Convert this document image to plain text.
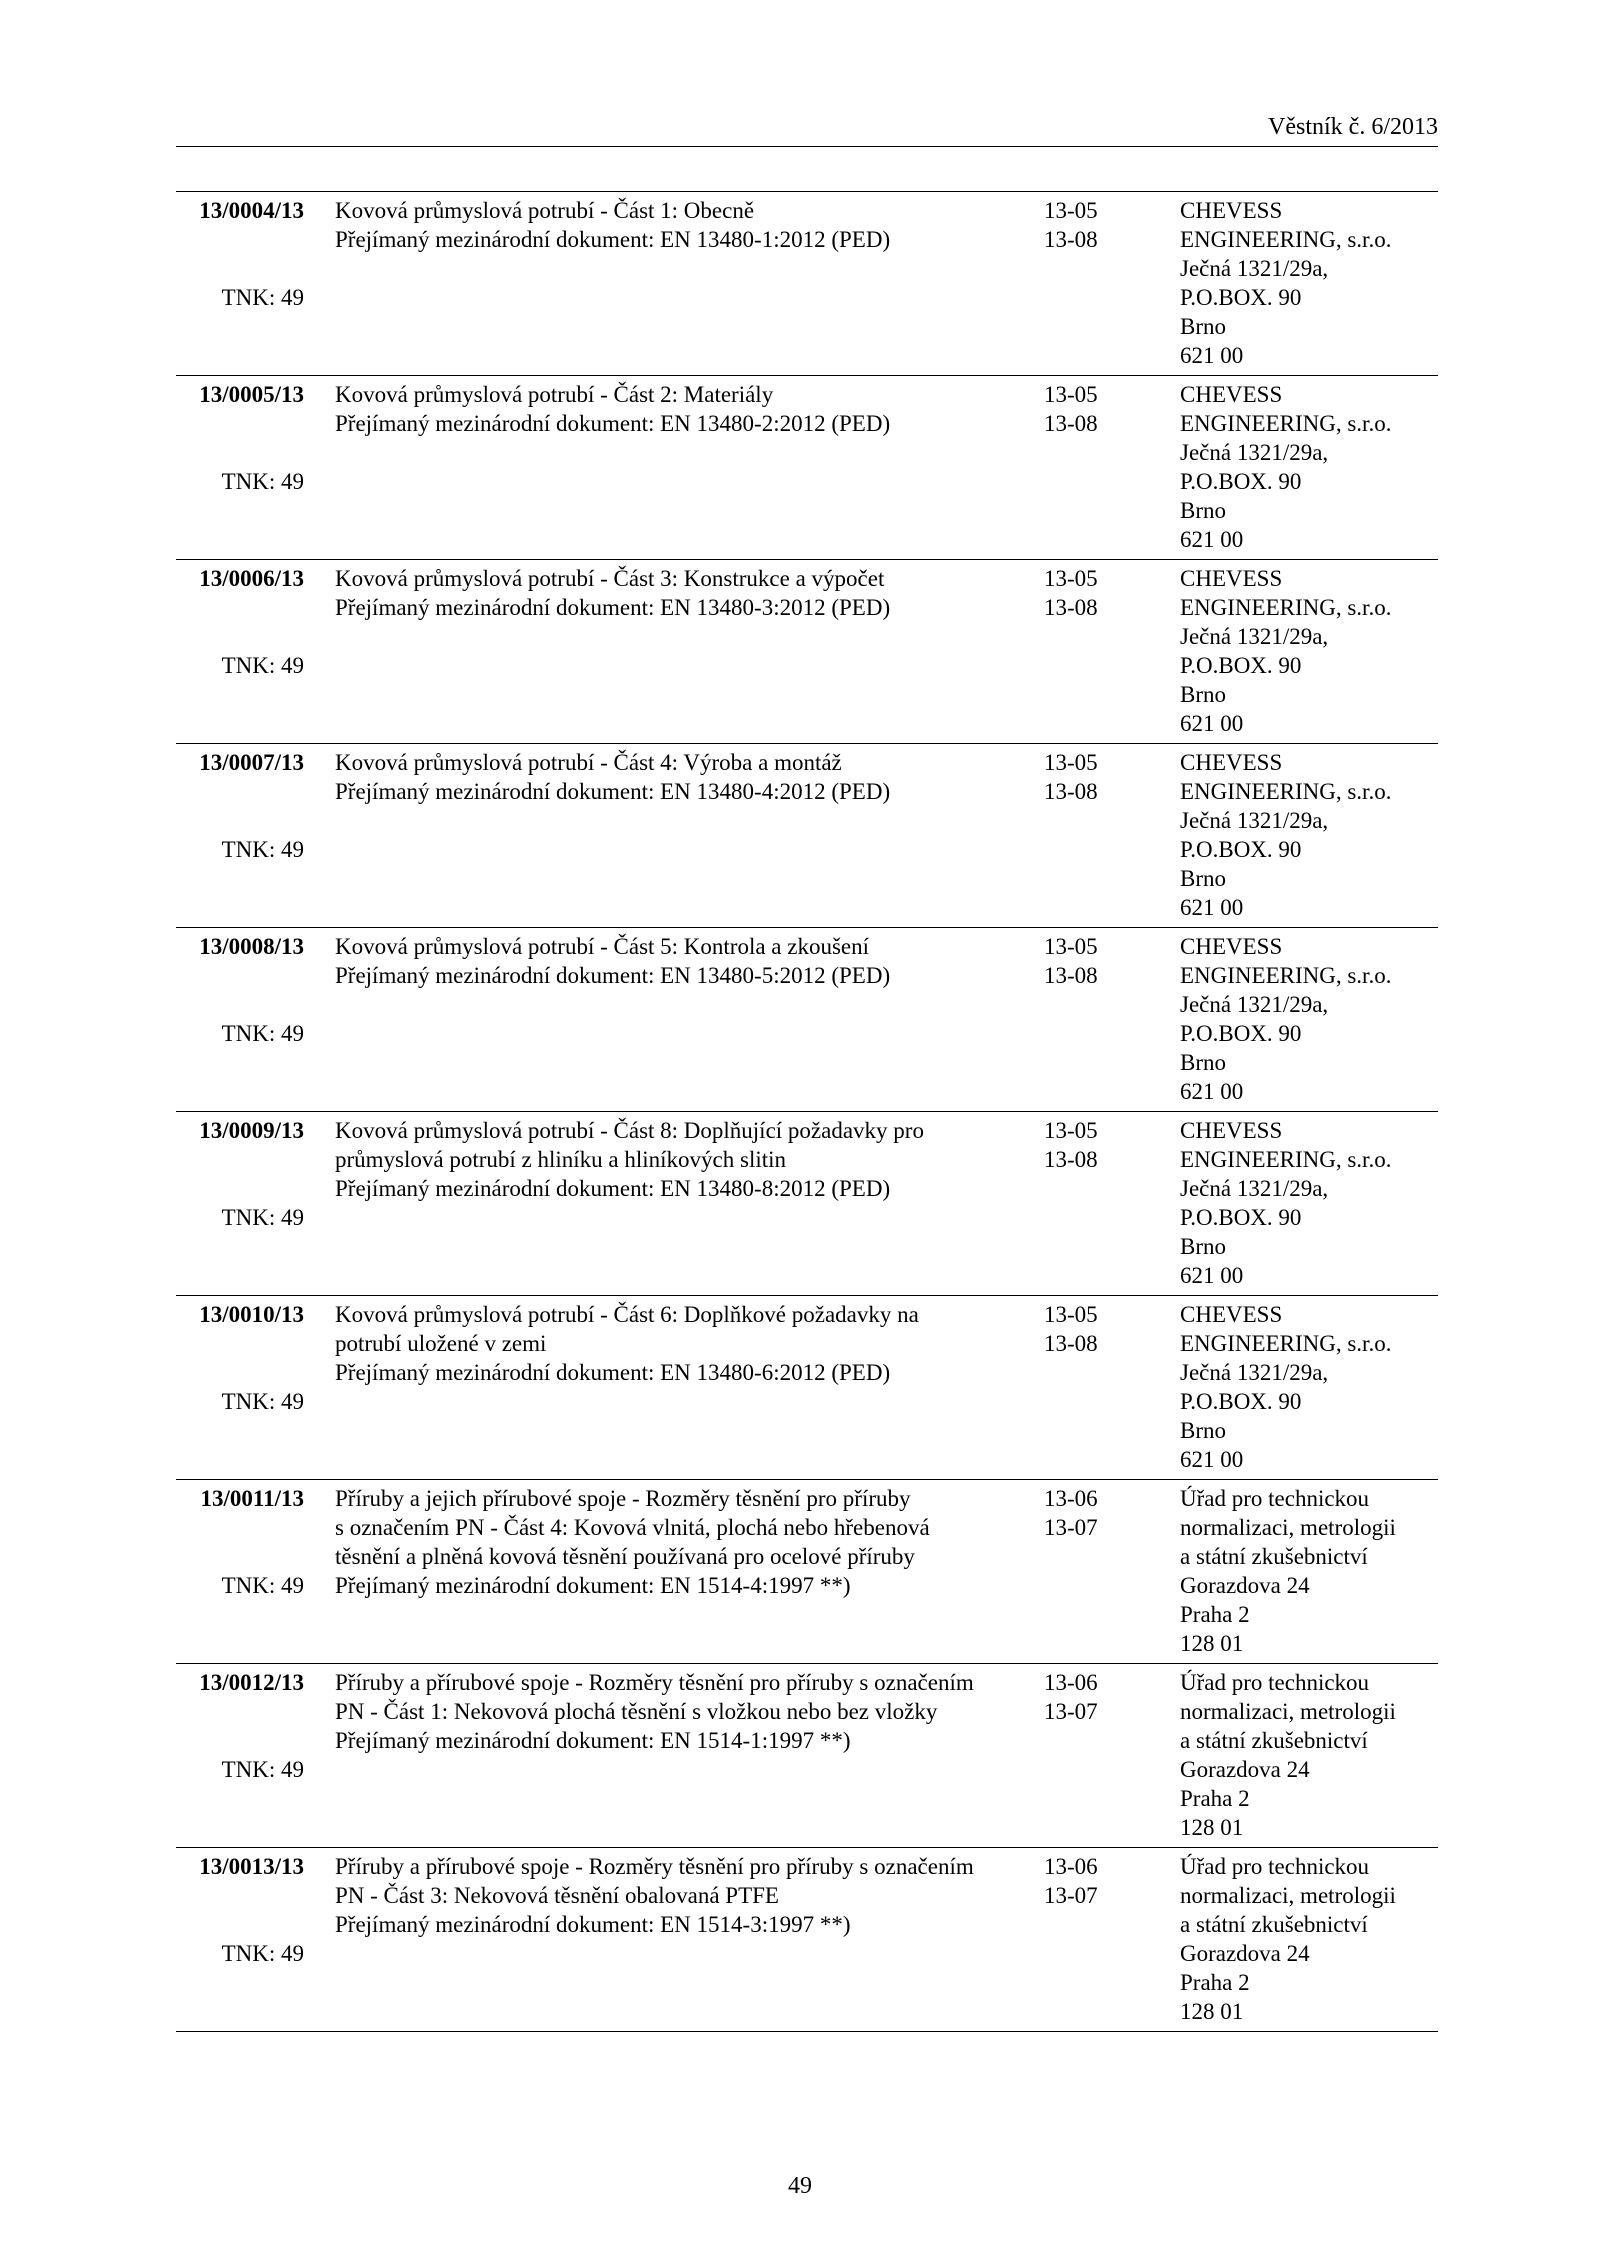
Věstník č. 6/2013
13/0004/13
TNK: 49
Kovová průmyslová potrubí - Část 1: Obecně
Přejímaný mezinárodní dokument: EN 13480-1:2012 (PED)
13-05
13-08
CHEVESS
ENGINEERING, s.r.o.
Ječná 1321/29a,
P.O.BOX. 90
Brno
621 00
13/0005/13
TNK: 49
Kovová průmyslová potrubí - Část 2: Materiály
Přejímaný mezinárodní dokument: EN 13480-2:2012 (PED)
13-05
13-08
CHEVESS
ENGINEERING, s.r.o.
Ječná 1321/29a,
P.O.BOX. 90
Brno
621 00
13/0006/13
TNK: 49
Kovová průmyslová potrubí - Část 3: Konstrukce a výpočet
Přejímaný mezinárodní dokument: EN 13480-3:2012 (PED)
13-05
13-08
CHEVESS
ENGINEERING, s.r.o.
Ječná 1321/29a,
P.O.BOX. 90
Brno
621 00
13/0007/13
TNK: 49
Kovová průmyslová potrubí - Část 4: Výroba a montáž
Přejímaný mezinárodní dokument: EN 13480-4:2012 (PED)
13-05
13-08
CHEVESS
ENGINEERING, s.r.o.
Ječná 1321/29a,
P.O.BOX. 90
Brno
621 00
13/0008/13
TNK: 49
Kovová průmyslová potrubí - Část 5: Kontrola a zkoušení
Přejímaný mezinárodní dokument: EN 13480-5:2012 (PED)
13-05
13-08
CHEVESS
ENGINEERING, s.r.o.
Ječná 1321/29a,
P.O.BOX. 90
Brno
621 00
13/0009/13
TNK: 49
Kovová průmyslová potrubí - Část 8: Doplňující požadavky pro
průmyslová potrubí z hliníku a hliníkových slitin
Přejímaný mezinárodní dokument: EN 13480-8:2012 (PED)
13-05
13-08
CHEVESS
ENGINEERING, s.r.o.
Ječná 1321/29a,
P.O.BOX. 90
Brno
621 00
13/0010/13
TNK: 49
Kovová průmyslová potrubí - Část 6: Doplňkové požadavky na
potrubí uložené v zemi
Přejímaný mezinárodní dokument: EN 13480-6:2012 (PED)
13-05
13-08
CHEVESS
ENGINEERING, s.r.o.
Ječná 1321/29a,
P.O.BOX. 90
Brno
621 00
13/0011/13
TNK: 49
Příruby a jejich přírubové spoje - Rozměry těsnění pro příruby
s označením PN - Část 4: Kovová vlnitá, plochá nebo hřebenová
těsnění a plněná kovová těsnění používaná pro ocelové příruby
Přejímaný mezinárodní dokument: EN 1514-4:1997 **)
13-06
13-07
Úřad pro technickou
normalizaci, metrologii
a státní zkušebnictví
Gorazdova 24
Praha 2
128 01
13/0012/13
TNK: 49
Příruby a přírubové spoje - Rozměry těsnění pro příruby s označením
PN - Část 1: Nekovová plochá těsnění s vložkou nebo bez vložky
Přejímaný mezinárodní dokument: EN 1514-1:1997 **)
13-06
13-07
Úřad pro technickou
normalizaci, metrologii
a státní zkušebnictví
Gorazdova 24
Praha 2
128 01
13/0013/13
TNK: 49
Příruby a přírubové spoje - Rozměry těsnění pro příruby s označením
PN - Část 3: Nekovová těsnění obalovaná PTFE
Přejímaný mezinárodní dokument: EN 1514-3:1997 **)
13-06
13-07
Úřad pro technickou
normalizaci, metrologii
a státní zkušebnictví
Gorazdova 24
Praha 2
128 01
49
